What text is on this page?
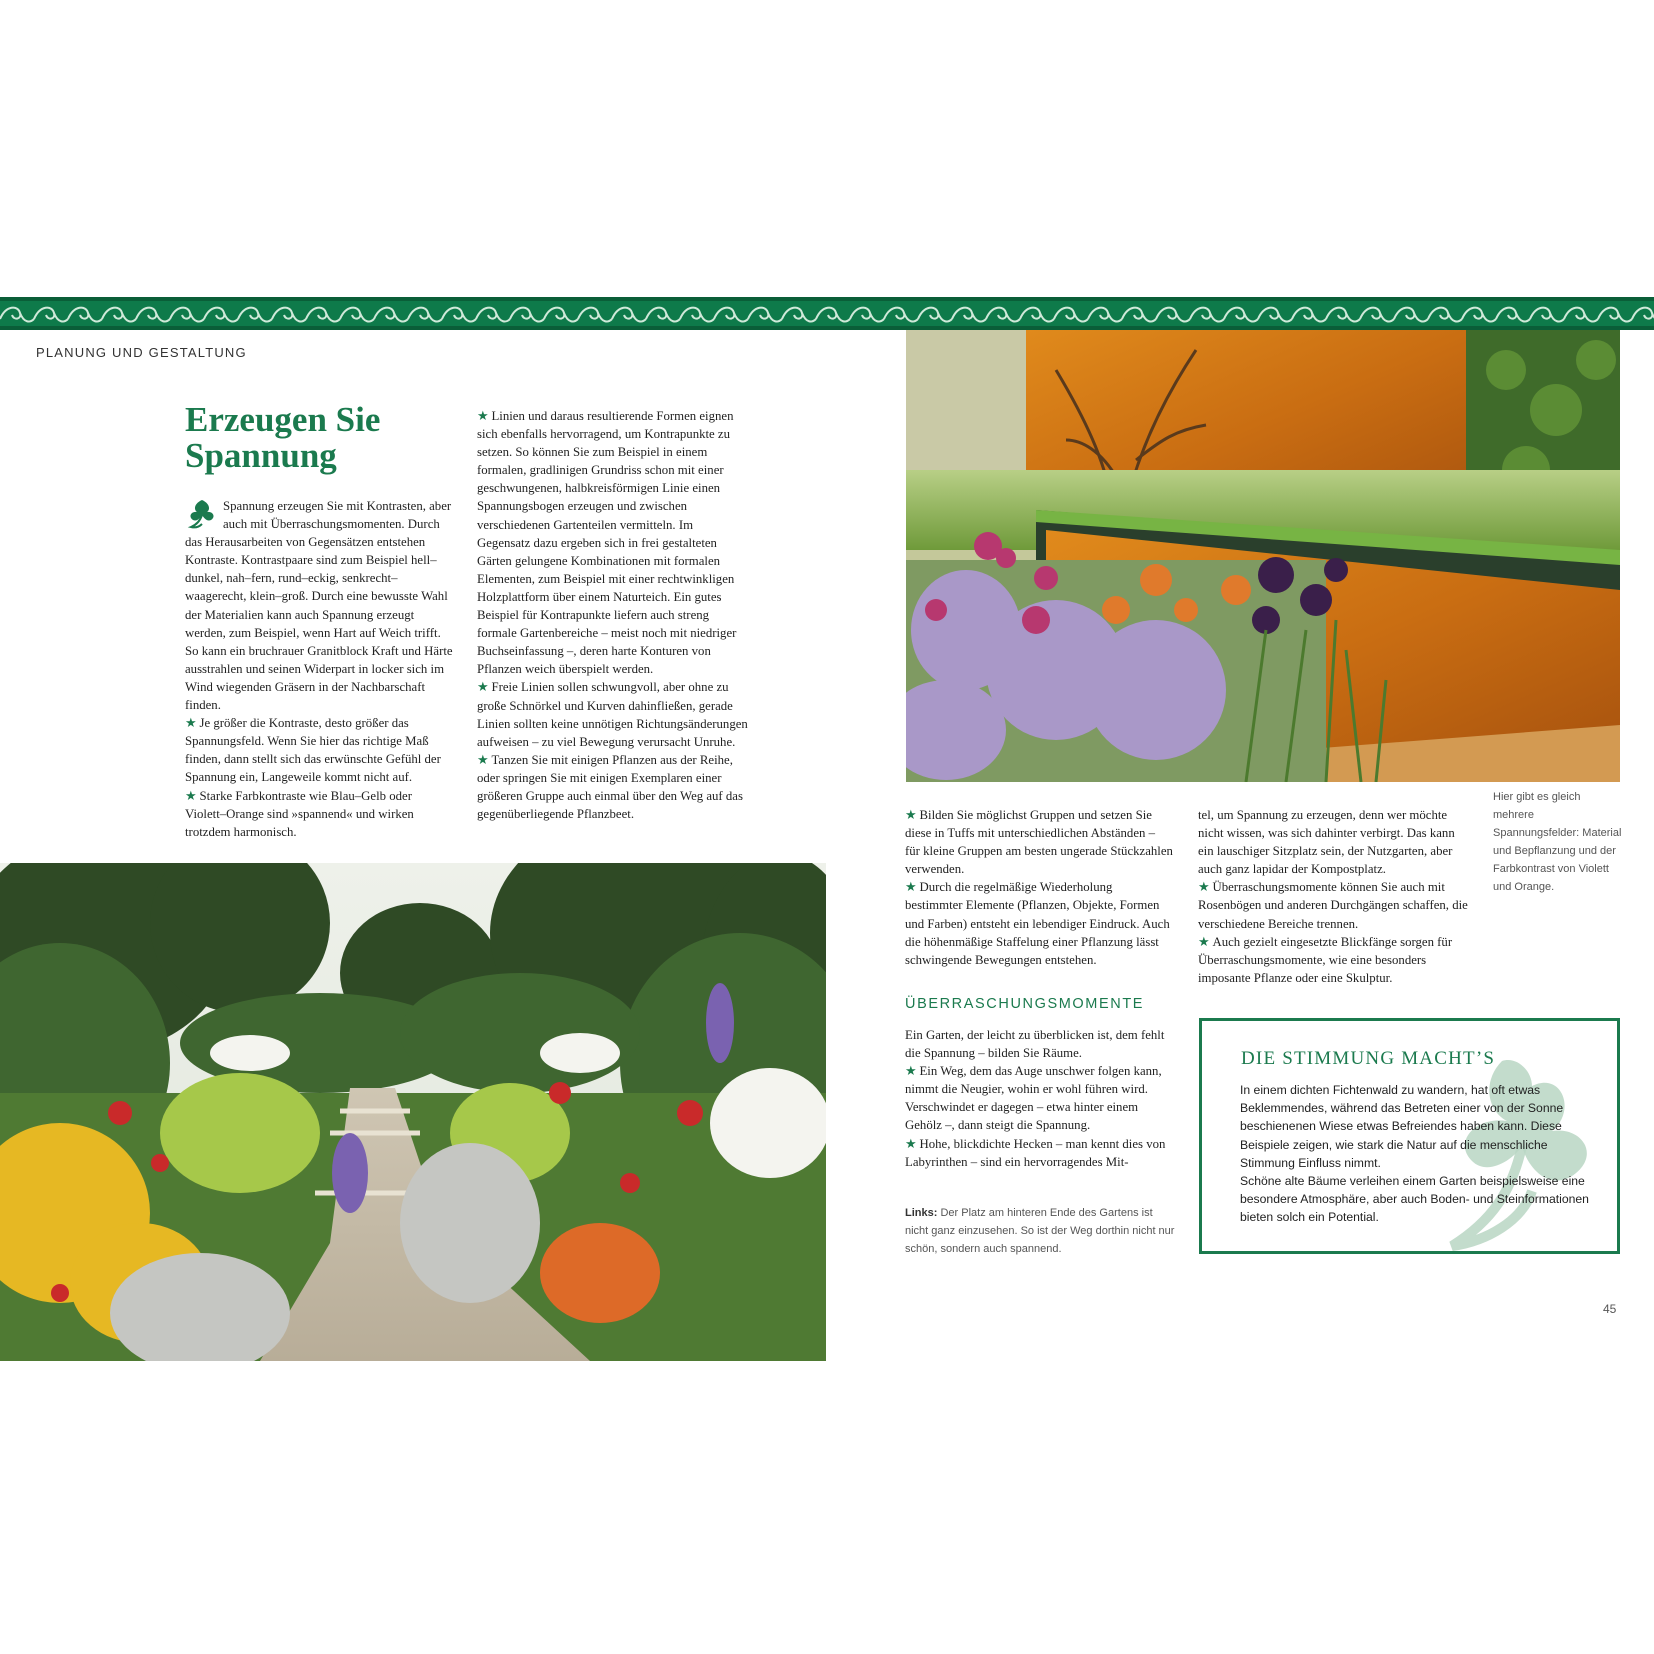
PLANUNG UND GESTALTUNG
Erzeugen Sie Spannung

Spannung erzeugen Sie mit Kontrasten, aber auch mit Überraschungsmomenten. Durch das Herausarbeiten von Gegensätzen entstehen Kontraste. Kontrastpaare sind zum Beispiel hell–dunkel, nah–fern, rund–eckig, senkrecht–waagerecht, klein–groß. Durch eine bewusste Wahl der Materialien kann auch Spannung erzeugt werden, zum Beispiel, wenn Hart auf Weich trifft. So kann ein bruchrauer Granitblock Kraft und Härte ausstrahlen und seinen Widerpart in locker sich im Wind wiegenden Gräsern in der Nachbarschaft finden.

★ Je größer die Kontraste, desto größer das Spannungsfeld. Wenn Sie hier das richtige Maß finden, dann stellt sich das erwünschte Gefühl der Spannung ein, Langeweile kommt nicht auf.

★ Starke Farbkontraste wie Blau–Gelb oder Violett–Orange sind »spannend« und wirken trotzdem harmonisch.

★ Linien und daraus resultierende Formen eignen sich ebenfalls hervorragend, um Kontrapunkte zu setzen. So können Sie zum Beispiel in einem formalen, gradlinigen Grundriss schon mit einer geschwungenen, halbkreisförmigen Linie einen Spannungsbogen erzeugen und zwischen verschiedenen Gartenteilen vermitteln. Im Gegensatz dazu ergeben sich in frei gestalteten Gärten gelungene Kombinationen mit formalen Elementen, zum Beispiel mit einer rechtwinkligen Holzplattform über einem Naturteich. Ein gutes Beispiel für Kontrapunkte liefern auch streng formale Gartenbereiche – meist noch mit niedriger Buchseinfassung –, deren harte Konturen von Pflanzen weich überspielt werden.

★ Freie Linien sollen schwungvoll, aber ohne zu große Schnörkel und Kurven dahinfließen, gerade Linien sollten keine unnötigen Richtungsänderungen aufweisen – zu viel Bewegung verursacht Unruhe.

★ Tanzen Sie mit einigen Pflanzen aus der Reihe, oder springen Sie mit einigen Exemplaren einer größeren Gruppe auch einmal über den Weg auf das gegenüberliegende Pflanzbeet.

Hier gibt es gleich mehrere Spannungsfelder: Material und Bepflanzung und der Farbkontrast von Violett und Orange.

★ Bilden Sie möglichst Gruppen und setzen Sie diese in Tuffs mit unterschiedlichen Abständen – für kleine Gruppen am besten ungerade Stückzahlen verwenden.

★ Durch die regelmäßige Wiederholung bestimmter Elemente (Pflanzen, Objekte, Formen und Farben) entsteht ein lebendiger Eindruck. Auch die höhenmäßige Staffelung einer Pflanzung lässt schwingende Bewegungen entstehen.

tel, um Spannung zu erzeugen, denn wer möchte nicht wissen, was sich dahinter verbirgt. Das kann ein lauschiger Sitzplatz sein, der Nutzgarten, aber auch ganz lapidar der Kompostplatz.

★ Überraschungsmomente können Sie auch mit Rosenbögen und anderen Durchgängen schaffen, die verschiedene Bereiche trennen.

★ Auch gezielt eingesetzte Blickfänge sorgen für Überraschungsmomente, wie eine besonders imposante Pflanze oder eine Skulptur.

ÜBERRASCHUNGSMOMENTE

Ein Garten, der leicht zu überblicken ist, dem fehlt die Spannung – bilden Sie Räume.

★ Ein Weg, dem das Auge unschwer folgen kann, nimmt die Neugier, wohin er wohl führen wird. Verschwindet er dagegen – etwa hinter einem Gehölz –, dann steigt die Spannung.

★ Hohe, blickdichte Hecken – man kennt dies von Labyrinthen – sind ein hervorragendes Mit-

Links: Der Platz am hinteren Ende des Gartens ist nicht ganz einzusehen. So ist der Weg dorthin nicht nur schön, sondern auch spannend.
DIE STIMMUNG MACHT’S

In einem dichten Fichtenwald zu wandern, hat oft etwas Beklemmendes, während das Betreten einer von der Sonne beschienenen Wiese etwas Befreiendes haben kann. Diese Beispiele zeigen, wie stark die Natur auf die menschliche Stimmung Einfluss nimmt.

Schöne alte Bäume verleihen einem Garten beispielsweise eine besondere Atmosphäre, aber auch Boden- und Steinformationen bieten solch ein Potential.

45
